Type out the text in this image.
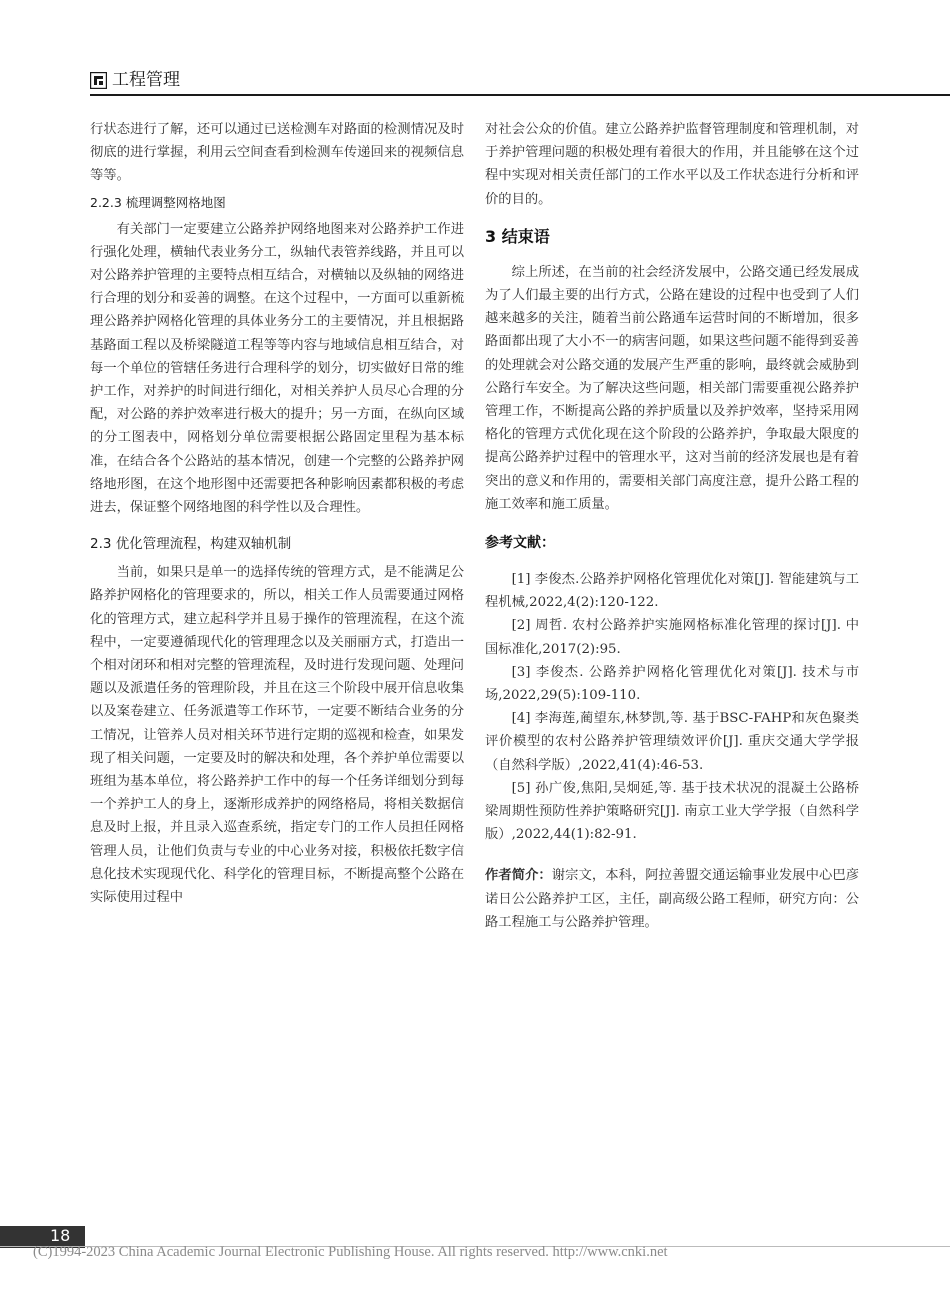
工程管理

行状态进行了解，还可以通过已送检测车对路面的检测情况及时彻底的进行掌握，利用云空间查看到检测车传递回来的视频信息等等。

2.2.3 梳理调整网格地图

有关部门一定要建立公路养护网络地图来对公路养护工作进行强化处理，横轴代表业务分工，纵轴代表管养线路，并且可以对公路养护管理的主要特点相互结合，对横轴以及纵轴的网络进行合理的划分和妥善的调整。在这个过程中，一方面可以重新梳理公路养护网格化管理的具体业务分工的主要情况，并且根据路基路面工程以及桥梁隧道工程等等内容与地域信息相互结合，对每一个单位的管辖任务进行合理科学的划分，切实做好日常的维护工作，对养护的时间进行细化，对相关养护人员尽心合理的分配，对公路的养护效率进行极大的提升；另一方面，在纵向区域的分工图表中，网格划分单位需要根据公路固定里程为基本标准，在结合各个公路站的基本情况，创建一个完整的公路养护网络地形图，在这个地形图中还需要把各种影响因素都积极的考虑进去，保证整个网络地图的科学性以及合理性。

2.3 优化管理流程，构建双轴机制

当前，如果只是单一的选择传统的管理方式，是不能满足公路养护网格化的管理要求的，所以，相关工作人员需要通过网格化的管理方式，建立起科学并且易于操作的管理流程，在这个流程中，一定要遵循现代化的管理理念以及关丽丽方式，打造出一个相对闭环和相对完整的管理流程，及时进行发现问题、处理问题以及派遣任务的管理阶段，并且在这三个阶段中展开信息收集以及案卷建立、任务派遣等工作环节，一定要不断结合业务的分工情况，让管养人员对相关环节进行定期的巡视和检查，如果发现了相关问题，一定要及时的解决和处理，各个养护单位需要以班组为基本单位，将公路养护工作中的每一个任务详细划分到每一个养护工人的身上，逐渐形成养护的网络格局，将相关数据信息及时上报，并且录入巡查系统，指定专门的工作人员担任网格管理人员，让他们负责与专业的中心业务对接，积极依托数字信息化技术实现现代化、科学化的管理目标，不断提高整个公路在实际使用过程中

对社会公众的价值。建立公路养护监督管理制度和管理机制，对于养护管理问题的积极处理有着很大的作用，并且能够在这个过程中实现对相关责任部门的工作水平以及工作状态进行分析和评价的目的。

3 结束语

综上所述，在当前的社会经济发展中，公路交通已经发展成为了人们最主要的出行方式，公路在建设的过程中也受到了人们越来越多的关注，随着当前公路通车运营时间的不断增加，很多路面都出现了大小不一的病害问题，如果这些问题不能得到妥善的处理就会对公路交通的发展产生严重的影响，最终就会威胁到公路行车安全。为了解决这些问题，相关部门需要重视公路养护管理工作，不断提高公路的养护质量以及养护效率，坚持采用网格化的管理方式优化现在这个阶段的公路养护，争取最大限度的提高公路养护过程中的管理水平，这对当前的经济发展也是有着突出的意义和作用的，需要相关部门高度注意，提升公路工程的施工效率和施工质量。

参考文献：

[1] 李俊杰.公路养护网格化管理优化对策[J]. 智能建筑与工程机械,2022,4(2):120-122.

[2] 周哲. 农村公路养护实施网格标准化管理的探讨[J]. 中国标准化,2017(2):95.

[3] 李俊杰. 公路养护网格化管理优化对策[J]. 技术与市场,2022,29(5):109-110.

[4] 李海莲,蔺望东,林梦凯,等. 基于BSC-FAHP和灰色聚类评价模型的农村公路养护管理绩效评价[J]. 重庆交通大学学报（自然科学版）,2022,41(4):46-53.

[5] 孙广俊,焦阳,吴炯延,等. 基于技术状况的混凝土公路桥梁周期性预防性养护策略研究[J]. 南京工业大学学报（自然科学版）,2022,44(1):82-91.

作者简介：谢宗文，本科，阿拉善盟交通运输事业发展中心巴彦诺日公公路养护工区，主任，副高级公路工程师，研究方向：公路工程施工与公路养护管理。

18
(C)1994-2023 China Academic Journal Electronic Publishing House. All rights reserved. http://www.cnki.net
